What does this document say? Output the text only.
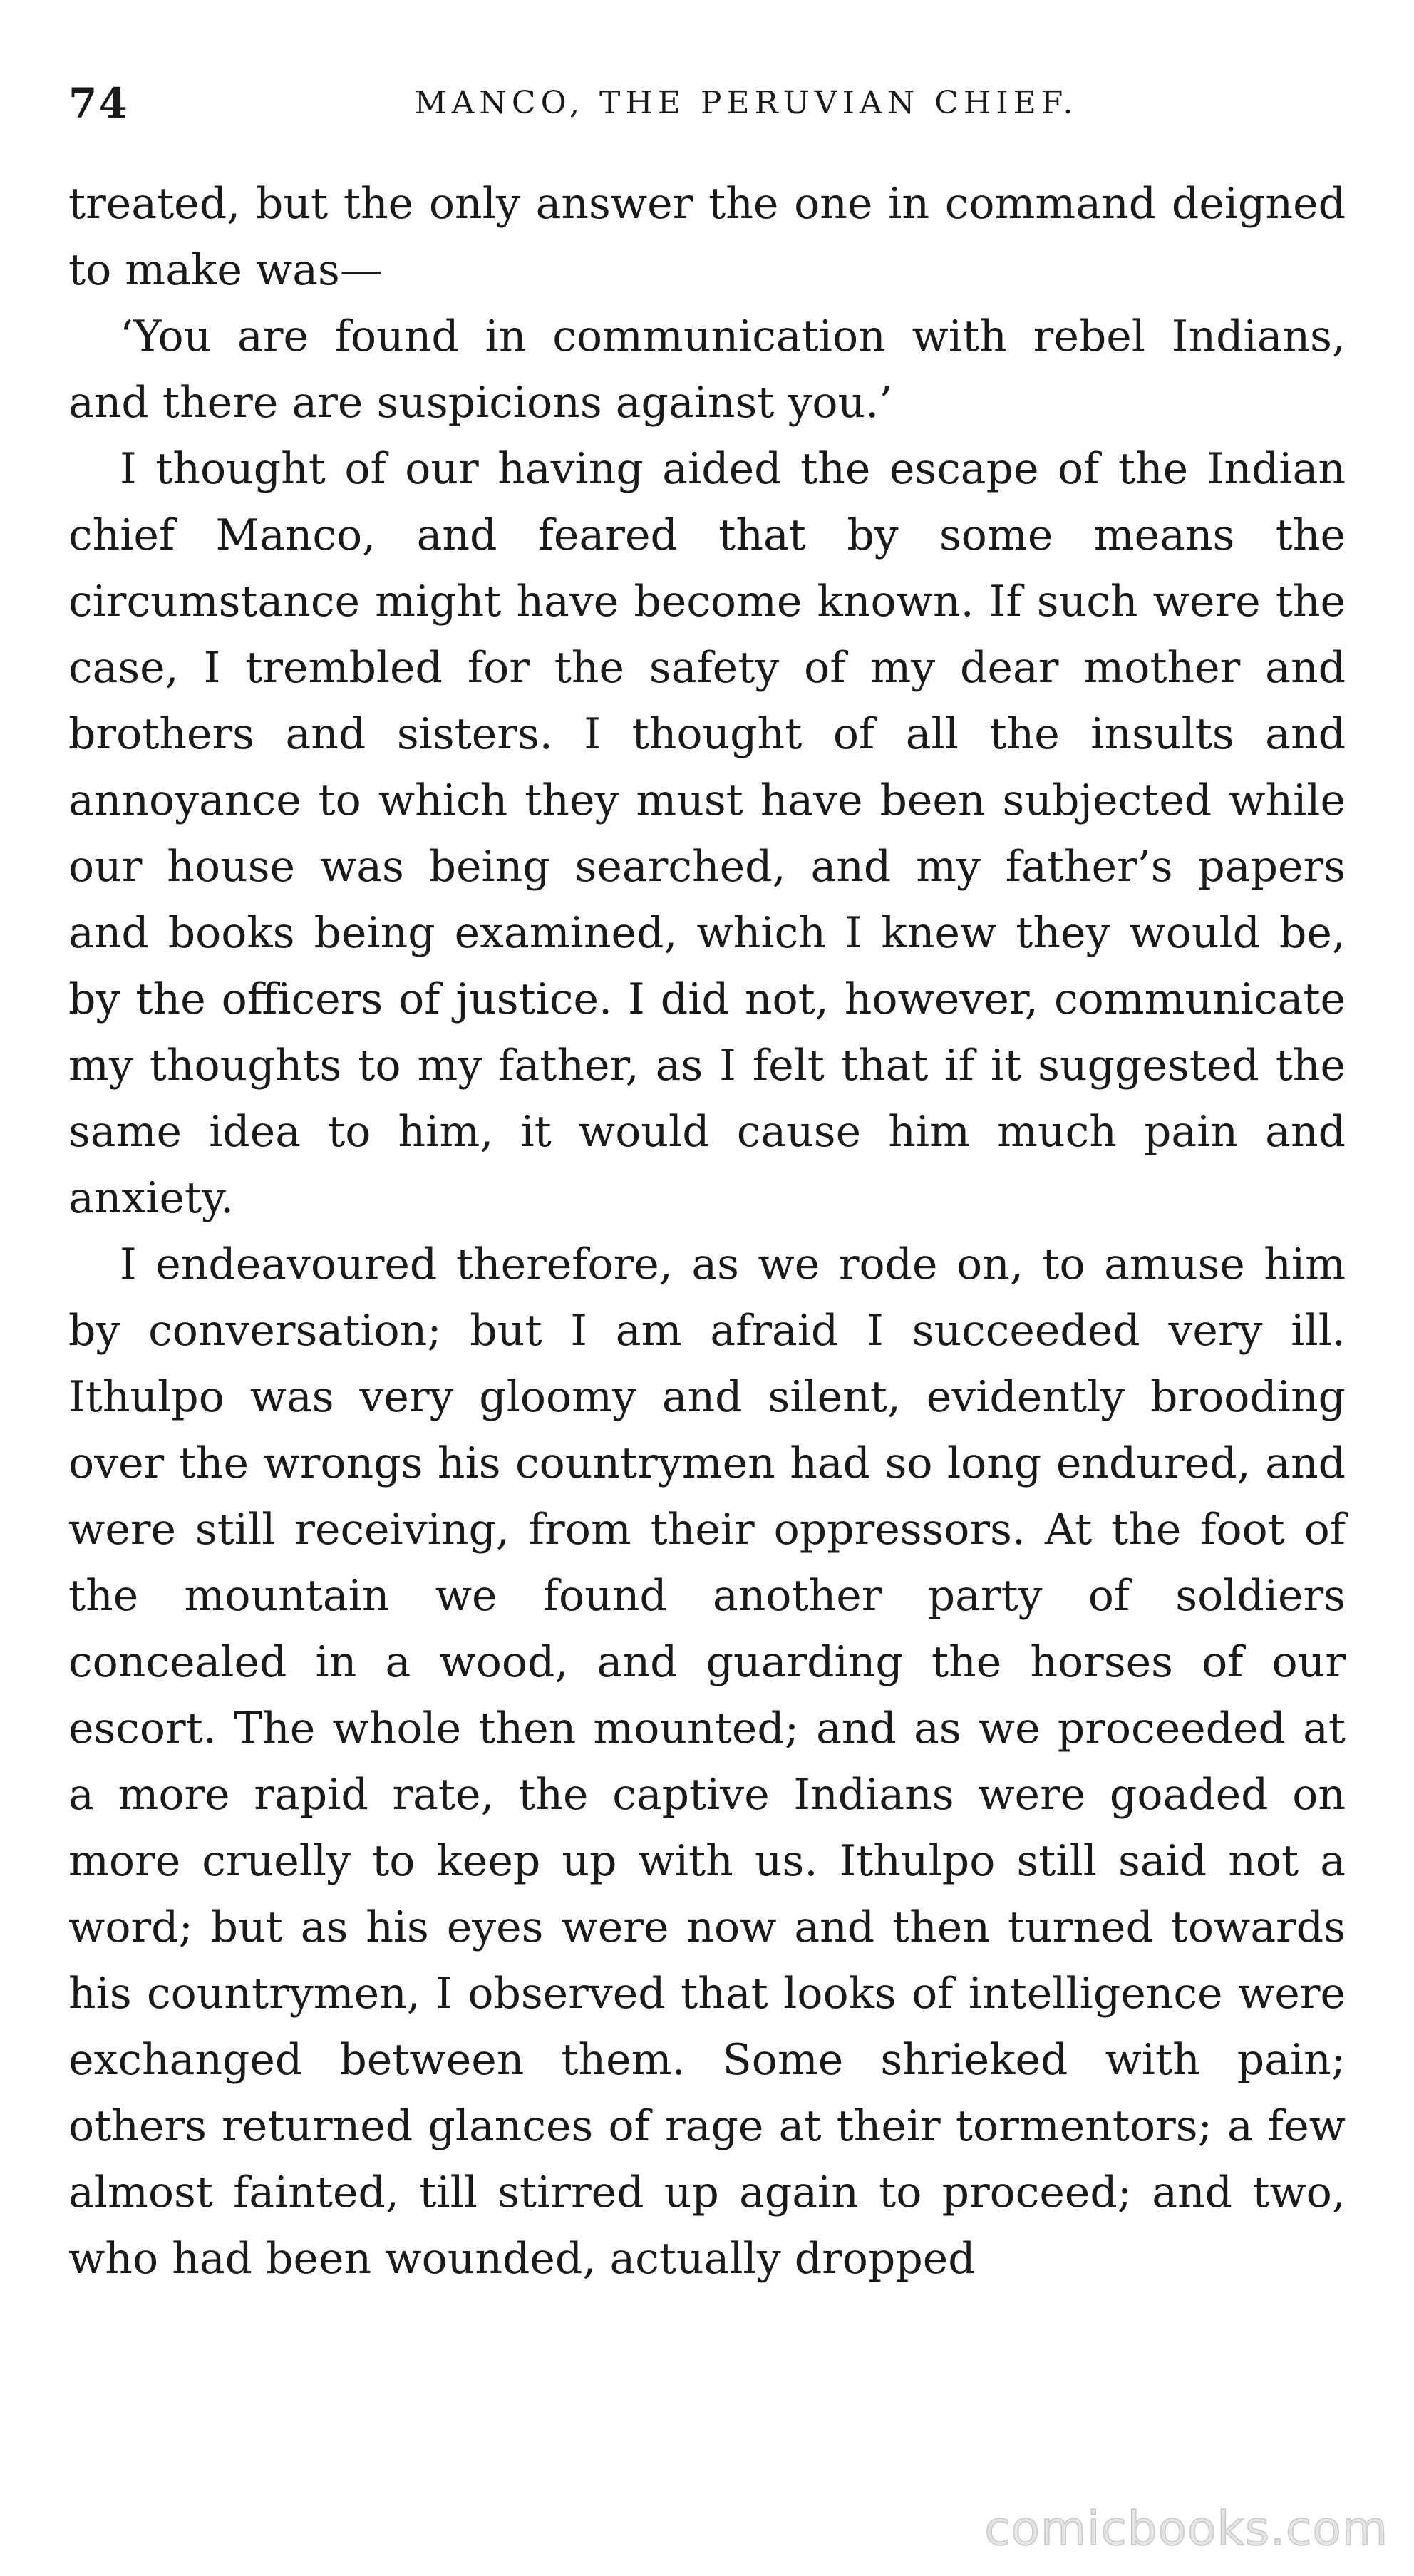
74	MANCO, THE PERUVIAN CHIEF.

treated, but the only answer the one in command deigned to make was—

‘You are found in communication with rebel Indians, and there are suspicions against you.’

I thought of our having aided the escape of the Indian chief Manco, and feared that by some means the circumstance might have become known. If such were the case, I trembled for the safety of my dear mother and brothers and sisters. I thought of all the insults and annoyance to which they must have been subjected while our house was being searched, and my father’s papers and books being examined, which I knew they would be, by the officers of justice. I did not, however, communicate my thoughts to my father, as I felt that if it suggested the same idea to him, it would cause him much pain and anxiety.

I endeavoured therefore, as we rode on, to amuse him by conversation; but I am afraid I succeeded very ill. Ithulpo was very gloomy and silent, evidently brooding over the wrongs his countrymen had so long endured, and were still receiving, from their oppressors. At the foot of the mountain we found another party of soldiers concealed in a wood, and guarding the horses of our escort. The whole then mounted; and as we proceeded at a more rapid rate, the captive Indians were goaded on more cruelly to keep up with us. Ithulpo still said not a word; but as his eyes were now and then turned towards his countrymen, I observed that looks of intelligence were exchanged between them. Some shrieked with pain; others returned glances of rage at their tormentors; a few almost fainted, till stirred up again to proceed; and two, who had been wounded, actually dropped

comicbooks.com
